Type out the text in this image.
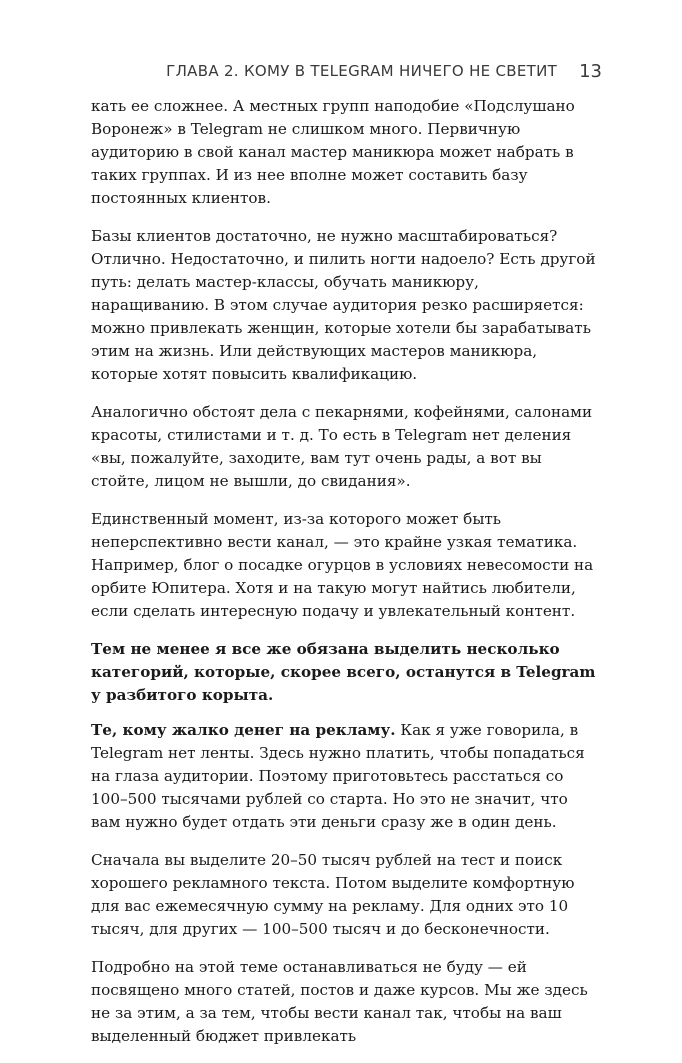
ГЛАВА 2. КОМУ В TELEGRAM НИЧЕГО НЕ СВЕТИТ 13

кать ее сложнее. А местных групп наподобие «Подслушано Воронеж» в Telegram не слишком много. Первичную аудиторию в свой канал мастер маникюра может набрать в таких группах. И из нее вполне может составить базу постоянных клиентов.

Базы клиентов достаточно, не нужно масштабироваться? Отлично. Недостаточно, и пилить ногти надоело? Есть другой путь: делать мастер-классы, обучать маникюру, наращиванию. В этом случае аудитория резко расширяется: можно привлекать женщин, которые хотели бы зарабатывать этим на жизнь. Или действующих мастеров маникюра, которые хотят повысить квалификацию.

Аналогично обстоят дела с пекарнями, кофейнями, салонами красоты, стилистами и т. д. То есть в Telegram нет деления «вы, пожалуйте, заходите, вам тут очень рады, а вот вы стойте, лицом не вышли, до свидания».

Единственный момент, из-за которого может быть неперспективно вести канал, — это крайне узкая тематика. Например, блог о посадке огурцов в условиях невесомости на орбите Юпитера. Хотя и на такую могут найтись любители, если сделать интересную подачу и увлекательный контент.

Тем не менее я все же обязана выделить несколько категорий, которые, скорее всего, останутся в Telegram у разбитого корыта.

Те, кому жалко денег на рекламу. Как я уже говорила, в Telegram нет ленты. Здесь нужно платить, чтобы попадаться на глаза аудитории. Поэтому приготовьтесь расстаться со 100–500 тысячами рублей со старта. Но это не значит, что вам нужно будет отдать эти деньги сразу же в один день.

Сначала вы выделите 20–50 тысяч рублей на тест и поиск хорошего рекламного текста. Потом выделите комфортную для вас ежемесячную сумму на рекламу. Для одних это 10 тысяч, для других — 100–500 тысяч и до бесконечности.

Подробно на этой теме останавливаться не буду — ей посвящено много статей, постов и даже курсов. Мы же здесь не за этим, а за тем, чтобы вести канал так, чтобы на ваш выделенный бюджет привлекать
